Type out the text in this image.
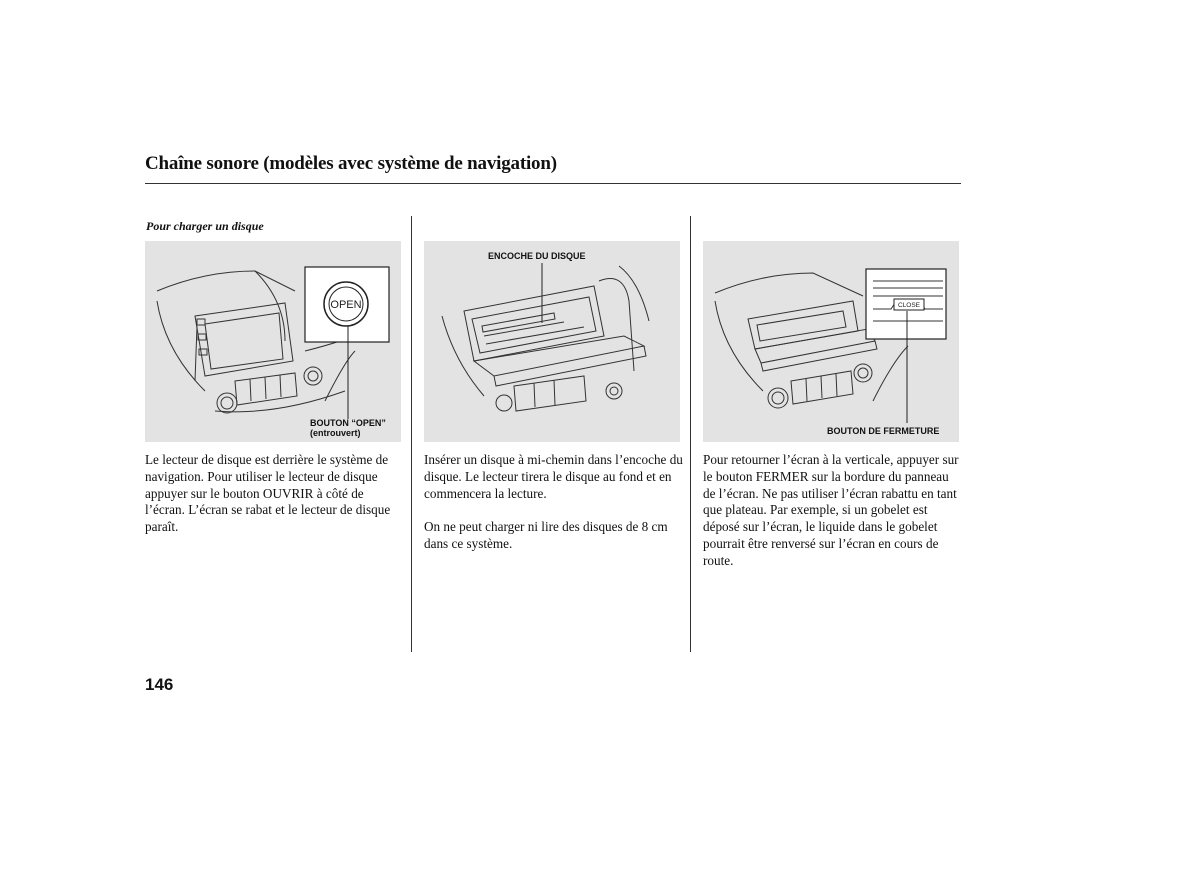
Chaîne sonore (modèles avec système de navigation)
Pour charger un disque
OPEN
BOUTON “OPEN”
(entrouvert)
ENCOCHE DU DISQUE
CLOSE
BOUTON DE FERMETURE

Le lecteur de disque est derrière le système de navigation. Pour utiliser le lecteur de disque appuyer sur le bouton OUVRIR à côté de l’écran. L’écran se rabat et le lecteur de disque paraît.

Insérer un disque à mi-chemin dans l’encoche du disque. Le lecteur tirera le disque au fond et en commencera la lecture.

On ne peut charger ni lire des disques de 8 cm dans ce système.

Pour retourner l’écran à la verticale, appuyer sur le bouton FERMER sur la bordure du panneau de l’écran. Ne pas utiliser l’écran rabattu en tant que plateau. Par exemple, si un gobelet est déposé sur l’écran, le liquide dans le gobelet pourrait être renversé sur l’écran en cours de route.

146
